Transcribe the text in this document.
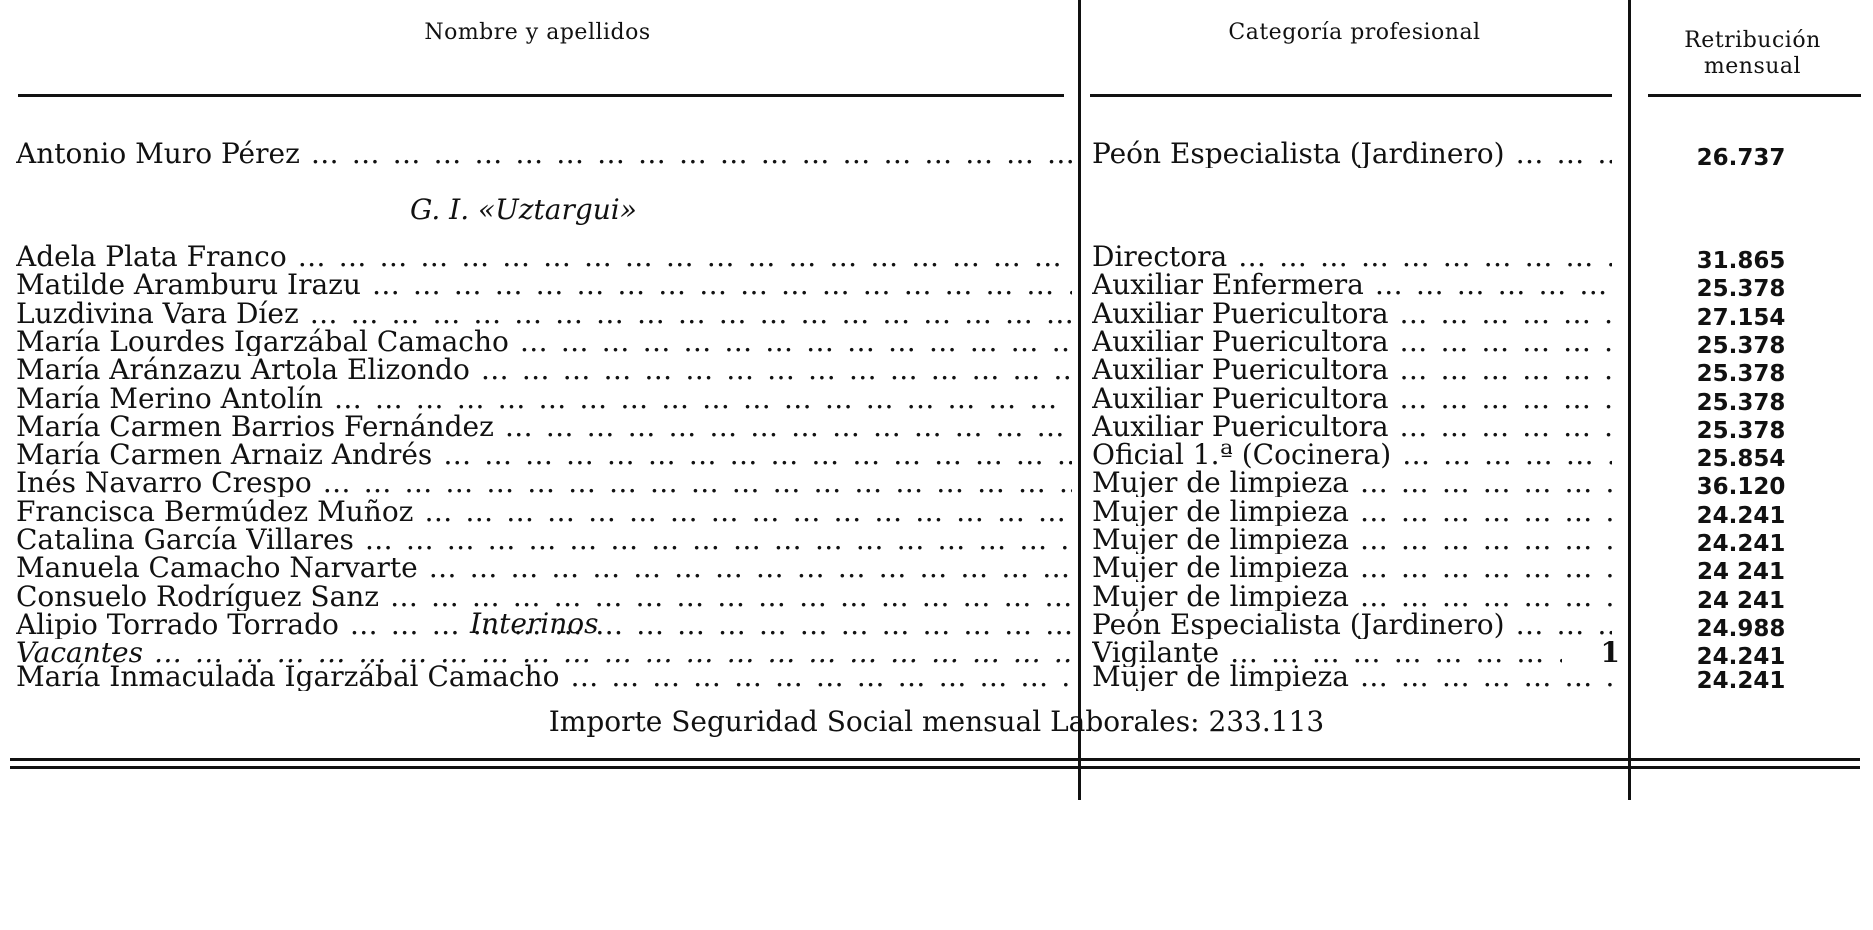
Nombre y apellidos	Categoría profesional	Retribución
mensual
Antonio Muro Pérez … … … … … … … … … … … … … … … … … … … … … … … … … … … … … … … … … … … … … … … …	Peón Especialista (Jardinero) … … … … … … … … … … … … … … … … … … … … … … … … … … … … … … … … … … … … … … … …	26.737
G. I. «Uztargui»
Adela Plata Franco … … … … … … … … … … … … … … … … … … … … … … … … … … … … … … … … … … … … … … … …	Directora … … … … … … … … … … … … … … … … … … … … … … … … … … … … … … … … … … … … … … … …	31.865
Matilde Aramburu Irazu … … … … … … … … … … … … … … … … … … … … … … … … … … … … … … … … … … … … … … … …	Auxiliar Enfermera … … … … … … … … … … … … … … … … … … … … … … … … … … … … … … … … … … … … … … … …	25.378
Luzdivina Vara Díez … … … … … … … … … … … … … … … … … … … … … … … … … … … … … … … … … … … … … … … …	Auxiliar Puericultora … … … … … … … … … … … … … … … … … … … … … … … … … … … … … … … … … … … … … … … …	27.154
María Lourdes Igarzábal Camacho … … … … … … … … … … … … … … … … … … … … … … … … … … … … … … … … … … … … … … … …	Auxiliar Puericultora … … … … … … … … … … … … … … … … … … … … … … … … … … … … … … … … … … … … … … … …	25.378
María Aránzazu Artola Elizondo … … … … … … … … … … … … … … … … … … … … … … … … … … … … … … … … … … … … … … … …	Auxiliar Puericultora … … … … … … … … … … … … … … … … … … … … … … … … … … … … … … … … … … … … … … … …	25.378
María Merino Antolín … … … … … … … … … … … … … … … … … … … … … … … … … … … … … … … … … … … … … … … …	Auxiliar Puericultora … … … … … … … … … … … … … … … … … … … … … … … … … … … … … … … … … … … … … … … …	25.378
María Carmen Barrios Fernández … … … … … … … … … … … … … … … … … … … … … … … … … … … … … … … … … … … … … … … …	Auxiliar Puericultora … … … … … … … … … … … … … … … … … … … … … … … … … … … … … … … … … … … … … … … …	25.378
María Carmen Arnaiz Andrés … … … … … … … … … … … … … … … … … … … … … … … … … … … … … … … … … … … … … … … …	Oficial 1.ª (Cocinera) … … … … … … … … … … … … … … … … … … … … … … … … … … … … … … … … … … … … … … … …	25.854
Inés Navarro Crespo … … … … … … … … … … … … … … … … … … … … … … … … … … … … … … … … … … … … … … … …	Mujer de limpieza … … … … … … … … … … … … … … … … … … … … … … … … … … … … … … … … … … … … … … … …	36.120
Francisca Bermúdez Muñoz … … … … … … … … … … … … … … … … … … … … … … … … … … … … … … … … … … … … … … … …	Mujer de limpieza … … … … … … … … … … … … … … … … … … … … … … … … … … … … … … … … … … … … … … … …	24.241
Catalina García Villares … … … … … … … … … … … … … … … … … … … … … … … … … … … … … … … … … … … … … … … …	Mujer de limpieza … … … … … … … … … … … … … … … … … … … … … … … … … … … … … … … … … … … … … … … …	24.241
Manuela Camacho Narvarte … … … … … … … … … … … … … … … … … … … … … … … … … … … … … … … … … … … … … … … …	Mujer de limpieza … … … … … … … … … … … … … … … … … … … … … … … … … … … … … … … … … … … … … … … …	24 241
Consuelo Rodríguez Sanz … … … … … … … … … … … … … … … … … … … … … … … … … … … … … … … … … … … … … … … …	Mujer de limpieza … … … … … … … … … … … … … … … … … … … … … … … … … … … … … … … … … … … … … … … …	24 241
Alipio Torrado Torrado … … … … … … … … … … … … … … … … … … … … … … … … … … … … … … … … … … … … … … … …	Peón Especialista (Jardinero) … … … … … … … … … … … … … … … … … … … … … … … … … … … … … … … … … … … … … … … …	24.988
Vacantes … … … … … … … … … … … … … … … … … … … … … … … … … … … … … … … … … … … … … … … …	Vigilante … … … … … … … … … … … … … … … … … … … … … … … … … … … … … … … … … … … … … … … …	1	24.241
Interinos
María Inmaculada Igarzábal Camacho … … … … … … … … … … … … … … … … … … … … … … … … … … … … … … … … … … … … … … … …	Mujer de limpieza … … … … … … … … … … … … … … … … … … … … … … … … … … … … … … … … … … … … … … … …	24.241
Importe Seguridad Social mensual Laborales: 233.113
